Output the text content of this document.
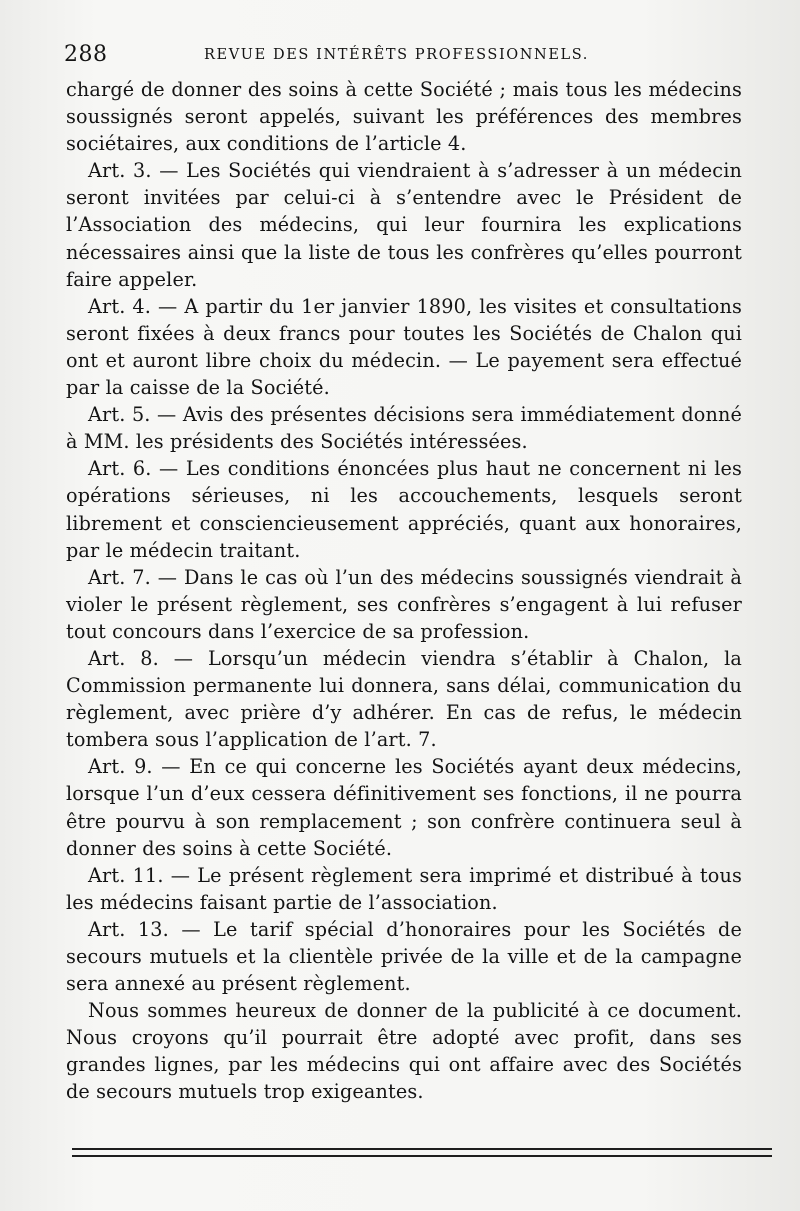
288	REVUE DES INTÉRÊTS PROFESSIONNELS.

chargé de donner des soins à cette Société ; mais tous les médecins soussignés seront appelés, suivant les préférences des membres sociétaires, aux conditions de l’article 4.

Art. 3. — Les Sociétés qui viendraient à s’adresser à un médecin seront invitées par celui-ci à s’entendre avec le Président de l’Association des médecins, qui leur fournira les explications nécessaires ainsi que la liste de tous les confrères qu’elles pourront faire appeler.

Art. 4. — A partir du 1er janvier 1890, les visites et consultations seront fixées à deux francs pour toutes les Sociétés de Chalon qui ont et auront libre choix du médecin. — Le payement sera effectué par la caisse de la Société.

Art. 5. — Avis des présentes décisions sera immédiatement donné à MM. les présidents des Sociétés intéressées.

Art. 6. — Les conditions énoncées plus haut ne concernent ni les opérations sérieuses, ni les accouchements, lesquels seront librement et consciencieusement appréciés, quant aux honoraires, par le médecin traitant.

Art. 7. — Dans le cas où l’un des médecins soussignés viendrait à violer le présent règlement, ses confrères s’engagent à lui refuser tout concours dans l’exercice de sa profession.

Art. 8. — Lorsqu’un médecin viendra s’établir à Chalon, la Commission permanente lui donnera, sans délai, communication du règlement, avec prière d’y adhérer. En cas de refus, le médecin tombera sous l’application de l’art. 7.

Art. 9. — En ce qui concerne les Sociétés ayant deux médecins, lorsque l’un d’eux cessera définitivement ses fonctions, il ne pourra être pourvu à son remplacement ; son confrère continuera seul à donner des soins à cette Société.

Art. 11. — Le présent règlement sera imprimé et distribué à tous les médecins faisant partie de l’association.

Art. 13. — Le tarif spécial d’honoraires pour les Sociétés de secours mutuels et la clientèle privée de la ville et de la campagne sera annexé au présent règlement.

Nous sommes heureux de donner de la publicité à ce document. Nous croyons qu’il pourrait être adopté avec profit, dans ses grandes lignes, par les médecins qui ont affaire avec des Sociétés de secours mutuels trop exigeantes.
